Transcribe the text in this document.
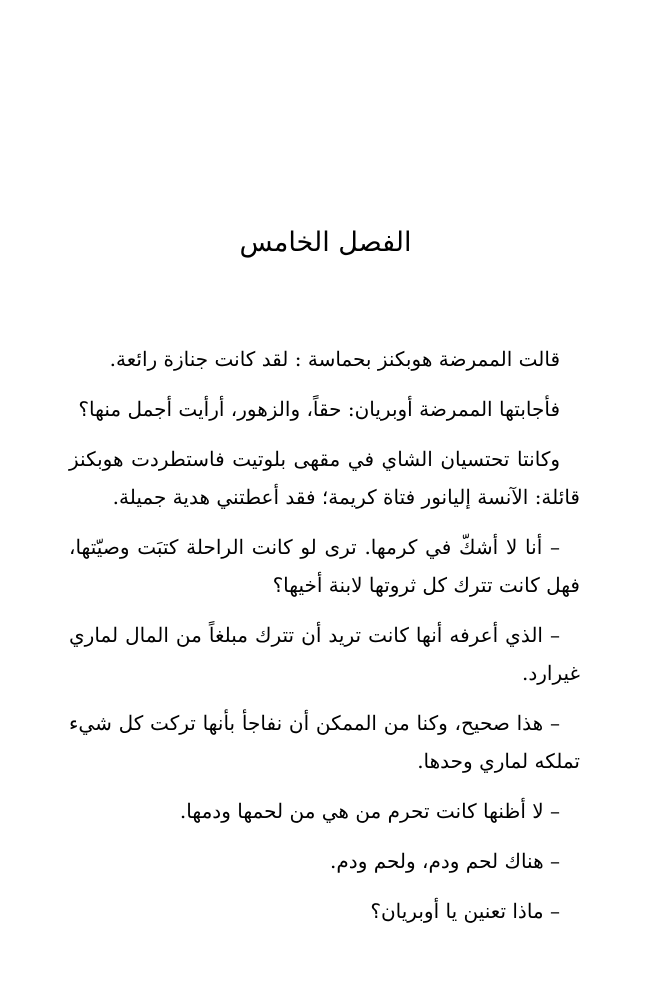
الفصل الخامس

قالت الممرضة هوبكنز بحماسة : لقد كانت جنازة رائعة.

فأجابتها الممرضة أوبريان: حقاً، والزهور، أرأيت أجمل منها؟

وكانتا تحتسيان الشاي في مقهى بلوتيت فاستطردت هوبكنز قائلة: الآنسة إليانور فتاة كريمة؛ فقد أعطتني هدية جميلة.

– أنا لا أشكّ في كرمها. ترى لو كانت الراحلة كتبَت وصيّتها، فهل كانت تترك كل ثروتها لابنة أخيها؟

– الذي أعرفه أنها كانت تريد أن تترك مبلغاً من المال لماري غيرارد.

– هذا صحيح، وكنا من الممكن أن نفاجأ بأنها تركت كل شيء تملكه لماري وحدها.

– لا أظنها كانت تحرم من هي من لحمها ودمها.

– هناك لحم ودم، ولحم ودم.

– ماذا تعنين يا أوبريان؟
